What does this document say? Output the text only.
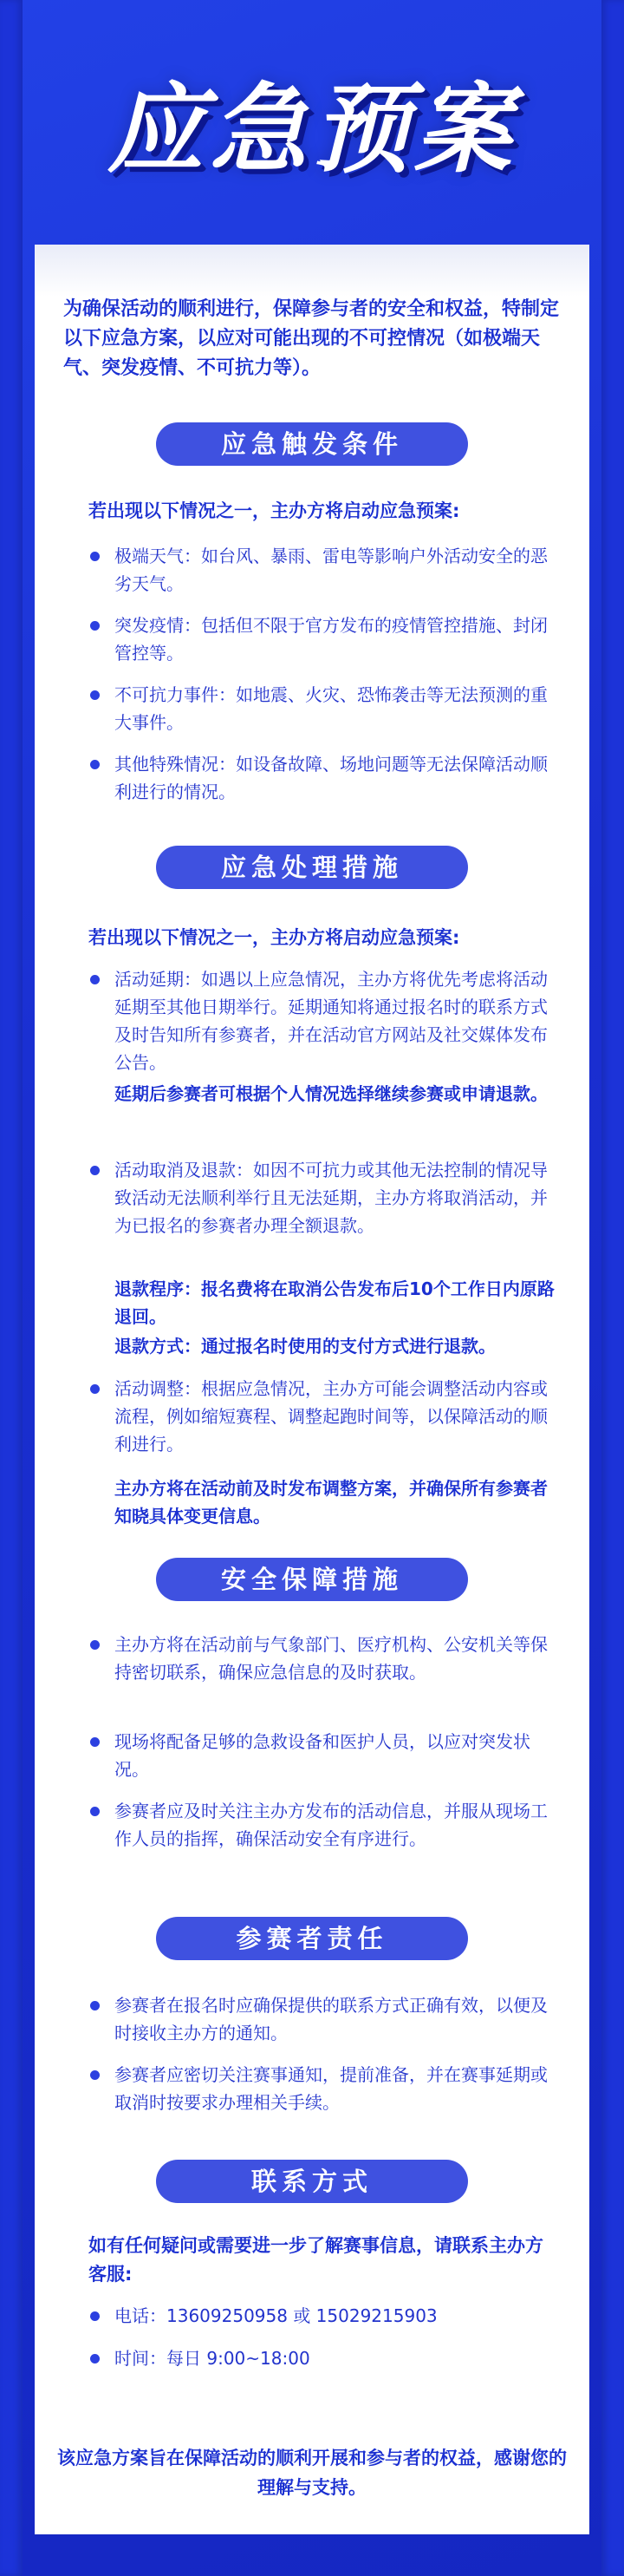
应急预案
为确保活动的顺利进行，保障参与者的安全和权益，特制定以下应急方案，以应对可能出现的不可控情况（如极端天气、突发疫情、不可抗力等）。
应急触发条件
若出现以下情况之一，主办方将启动应急预案:
极端天气：如台风、暴雨、雷电等影响户外活动安全的恶劣天气。
突发疫情：包括但不限于官方发布的疫情管控措施、封闭管控等。
不可抗力事件：如地震、火灾、恐怖袭击等无法预测的重大事件。
其他特殊情况：如设备故障、场地问题等无法保障活动顺利进行的情况。
应急处理措施
若出现以下情况之一，主办方将启动应急预案:
活动延期：如遇以上应急情况，主办方将优先考虑将活动延期至其他日期举行。延期通知将通过报名时的联系方式及时告知所有参赛者，并在活动官方网站及社交媒体发布公告。
延期后参赛者可根据个人情况选择继续参赛或申请退款。
活动取消及退款：如因不可抗力或其他无法控制的情况导致活动无法顺利举行且无法延期，主办方将取消活动，并为已报名的参赛者办理全额退款。
退款程序：报名费将在取消公告发布后10个工作日内原路退回。
退款方式：通过报名时使用的支付方式进行退款。
活动调整：根据应急情况，主办方可能会调整活动内容或流程，例如缩短赛程、调整起跑时间等，以保障活动的顺利进行。
主办方将在活动前及时发布调整方案，并确保所有参赛者知晓具体变更信息。
安全保障措施
主办方将在活动前与气象部门、医疗机构、公安机关等保持密切联系，确保应急信息的及时获取。
现场将配备足够的急救设备和医护人员，以应对突发状况。
参赛者应及时关注主办方发布的活动信息，并服从现场工作人员的指挥，确保活动安全有序进行。
参赛者责任
参赛者在报名时应确保提供的联系方式正确有效，以便及时接收主办方的通知。
参赛者应密切关注赛事通知，提前准备，并在赛事延期或取消时按要求办理相关手续。
联系方式
如有任何疑问或需要进一步了解赛事信息，请联系主办方客服:
电话：13609250958 或 15029215903
时间：每日 9:00~18:00
该应急方案旨在保障活动的顺利开展和参与者的权益，感谢您的理解与支持。
